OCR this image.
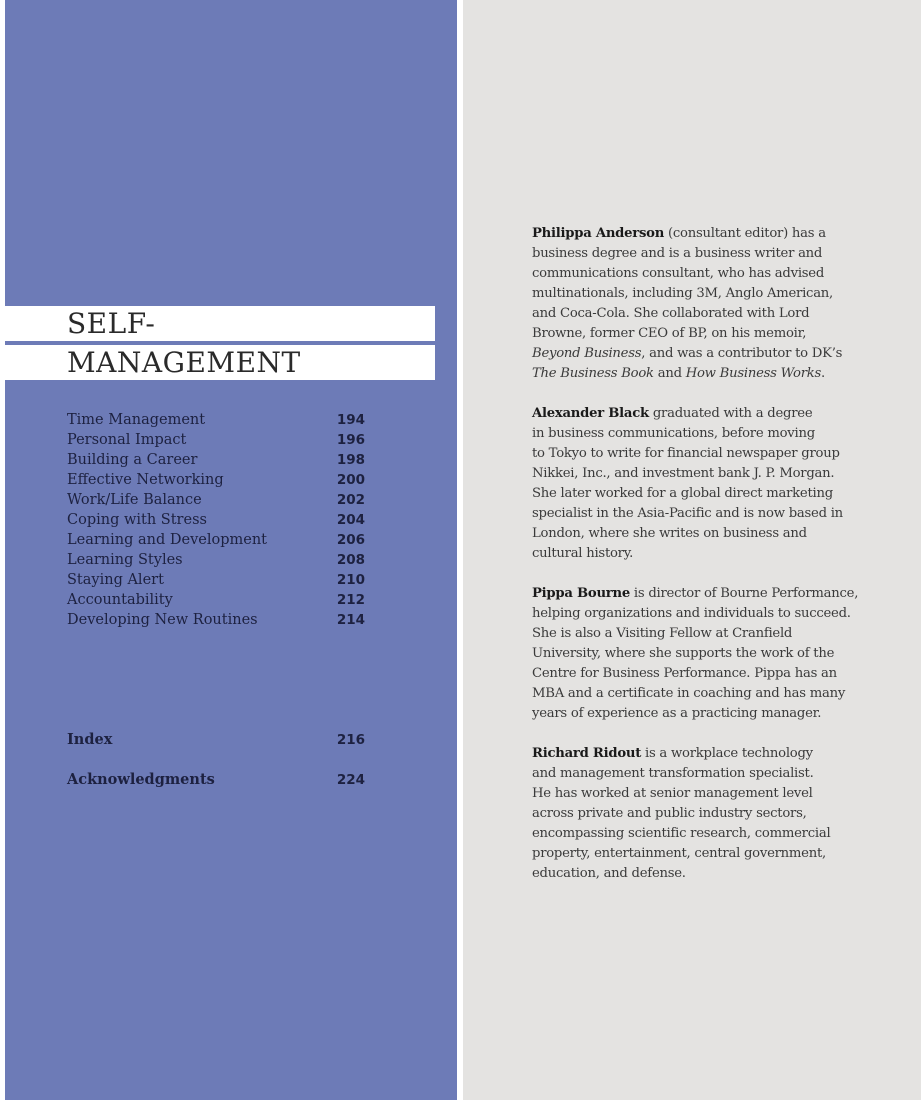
SELF-
MANAGEMENT
Time Management	194
Personal Impact	196
Building a Career	198
Effective Networking	200
Work/Life Balance	202
Coping with Stress	204
Learning and Development	206
Learning Styles	208
Staying Alert	210
Accountability	212
Developing New Routines	214
Index	216
Acknowledgments	224
Philippa Anderson (consultant editor) has a
business degree and is a business writer and
communications consultant, who has advised
multinationals, including 3M, Anglo American,
and Coca-Cola. She collaborated with Lord
Browne, former CEO of BP, on his memoir,
Beyond Business, and was a contributor to DK’s
The Business Book and How Business Works.
Alexander Black graduated with a degree
in business communications, before moving
to Tokyo to write for financial newspaper group
Nikkei, Inc., and investment bank J. P. Morgan.
She later worked for a global direct marketing
specialist in the Asia-Pacific and is now based in
London, where she writes on business and
cultural history.
Pippa Bourne is director of Bourne Performance,
helping organizations and individuals to succeed.
She is also a Visiting Fellow at Cranfield
University, where she supports the work of the
Centre for Business Performance. Pippa has an
MBA and a certificate in coaching and has many
years of experience as a practicing manager.
Richard Ridout is a workplace technology
and management transformation specialist.
He has worked at senior management level
across private and public industry sectors,
encompassing scientific research, commercial
property, entertainment, central government,
education, and defense.
